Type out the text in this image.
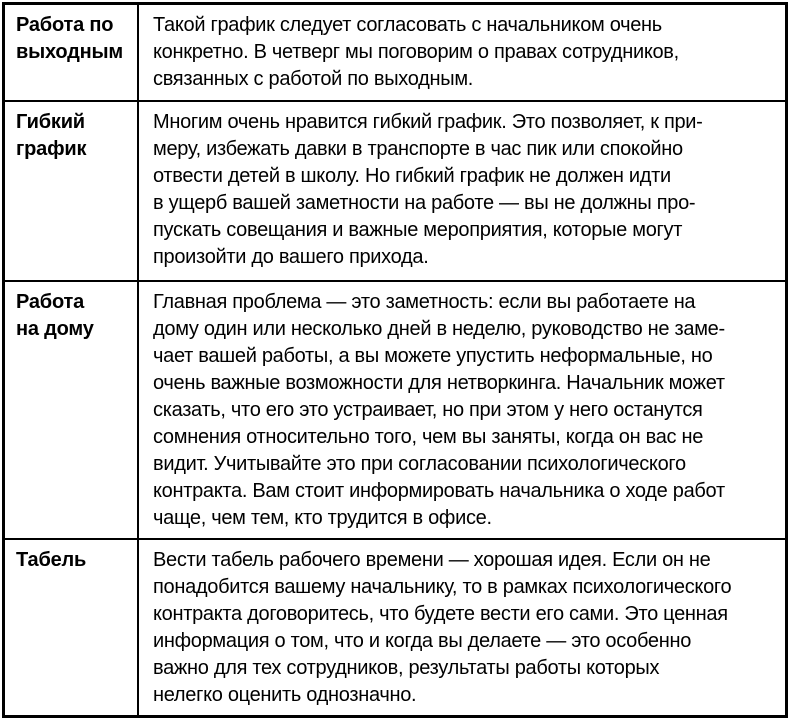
Работа по
выходным
Такой график следует согласовать с начальником очень
конкретно. В четверг мы поговорим о правах сотрудников,
связанных с работой по выходным.
Гибкий
график
Многим очень нравится гибкий график. Это позволяет, к при-
меру, избежать давки в транспорте в час пик или спокойно
отвести детей в школу. Но гибкий график не должен идти
в ущерб вашей заметности на работе — вы не должны про-
пускать совещания и важные мероприятия, которые могут
произойти до вашего прихода.
Работа
на дому
Главная проблема — это заметность: если вы работаете на
дому один или несколько дней в неделю, руководство не заме-
чает вашей работы, а вы можете упустить неформальные, но
очень важные возможности для нетворкинга. Начальник может
сказать, что его это устраивает, но при этом у него останутся
сомнения относительно того, чем вы заняты, когда он вас не
видит. Учитывайте это при согласовании психологического
контракта. Вам стоит информировать начальника о ходе работ
чаще, чем тем, кто трудится в офисе.
Табель	Вести табель рабочего времени — хорошая идея. Если он не
понадобится вашему начальнику, то в рамках психологического
контракта договоритесь, что будете вести его сами. Это ценная
информация о том, что и когда вы делаете — это особенно
важно для тех сотрудников, результаты работы которых
нелегко оценить однозначно.
